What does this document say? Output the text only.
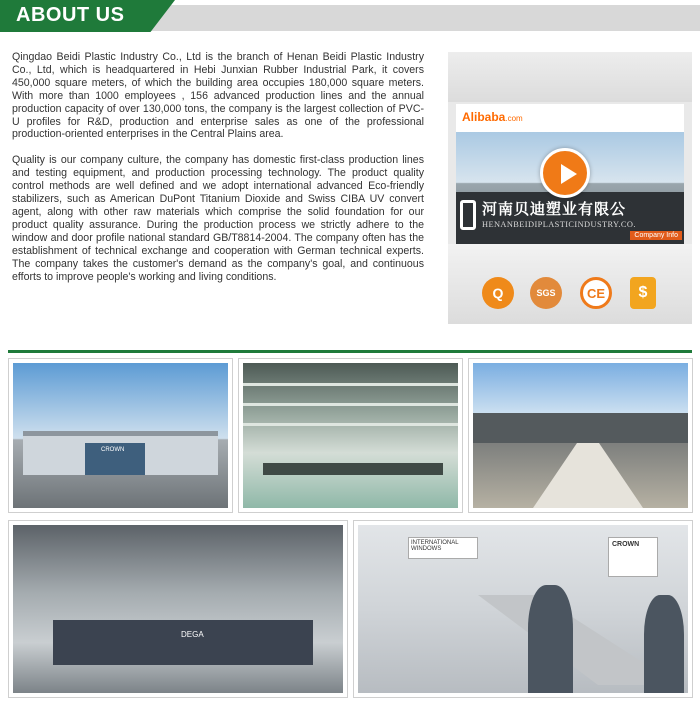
ABOUT US

Qingdao Beidi Plastic Industry Co., Ltd is the branch of Henan Beidi Plastic Industry Co., Ltd, which is headquartered in Hebi Junxian Rubber Industrial Park, it covers 450,000 square meters, of which the building area occupies 180,000 square meters. With more than 1000 employees , 156 advanced production lines and the annual production capacity of over 130,000 tons, the company is the largest collection of PVC-U profiles for R&D, production and enterprise sales as one of the professional production-oriented enterprises in the Central Plains area.

Quality is our company culture, the company has domestic first-class production lines and testing equipment, and production processing technology. The product quality control methods are well defined and we adopt international advanced Eco-friendly stabilizers, such as American DuPont Titanium Dioxide and Swiss CIBA UV convert agent, along with other raw materials which comprise the solid foundation for our product quality assurance. During the production process we strictly adhere to the window and door profile national standard GB/T8814-2004. The company often has the establishment of technical exchange and cooperation with German technical experts. The company takes the customer's demand as the company's goal, and continuous efforts to improve people's working and living conditions.

Alibaba.com
河南贝迪塑业有限公
HENANBEIDIPLASTICINDUSTRY.CO.
Company Info
Q	SGS	CE	$
CROWN
DEGA
INTERNATIONAL WINDOWS
CROWN
